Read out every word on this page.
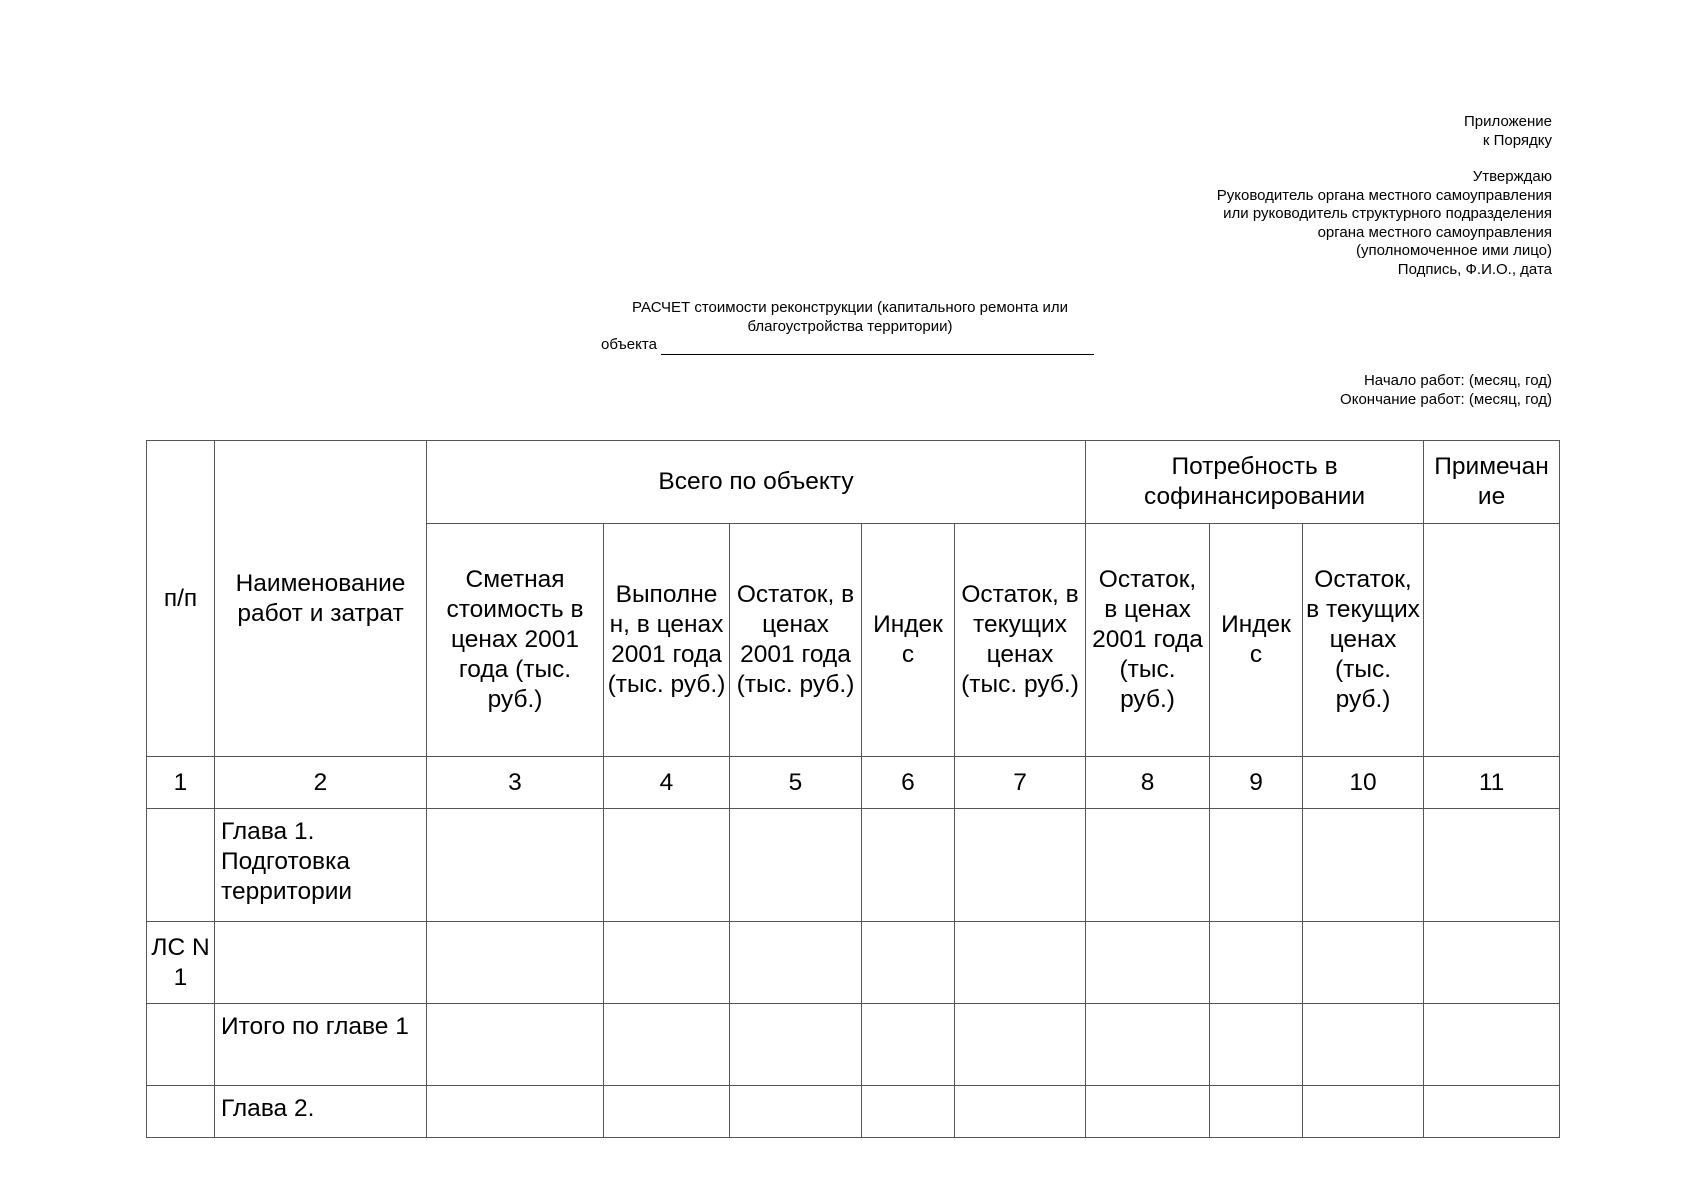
Приложение
к Порядку
Утверждаю
Руководитель органа местного самоуправления
или руководитель структурного подразделения
органа местного самоуправления
(уполномоченное ими лицо)
Подпись, Ф.И.О., дата
РАСЧЕТ стоимости реконструкции (капитального ремонта или
благоустройства территории)
объекта
Начало работ: (месяц, год)
Окончание работ: (месяц, год)
п/п	Наименование работ и затрат	Всего по объекту					Потребность в софинансировании			Примечан ие
		Сметная стоимость в ценах 2001 года (тыс. руб.)	Выполне н, в ценах 2001 года (тыс. руб.)	Остаток, в ценах 2001 года (тыс. руб.)	Индек с	Остаток, в текущих ценах (тыс. руб.)	Остаток, в ценах 2001 года (тыс. руб.)	Индек с	Остаток, в текущих ценах (тыс. руб.)	
1	2	3	4	5	6	7	8	9	10	11
	Глава 1. Подготовка территории									
ЛС N 1										
	Итого по главе 1									
	Глава 2.									
